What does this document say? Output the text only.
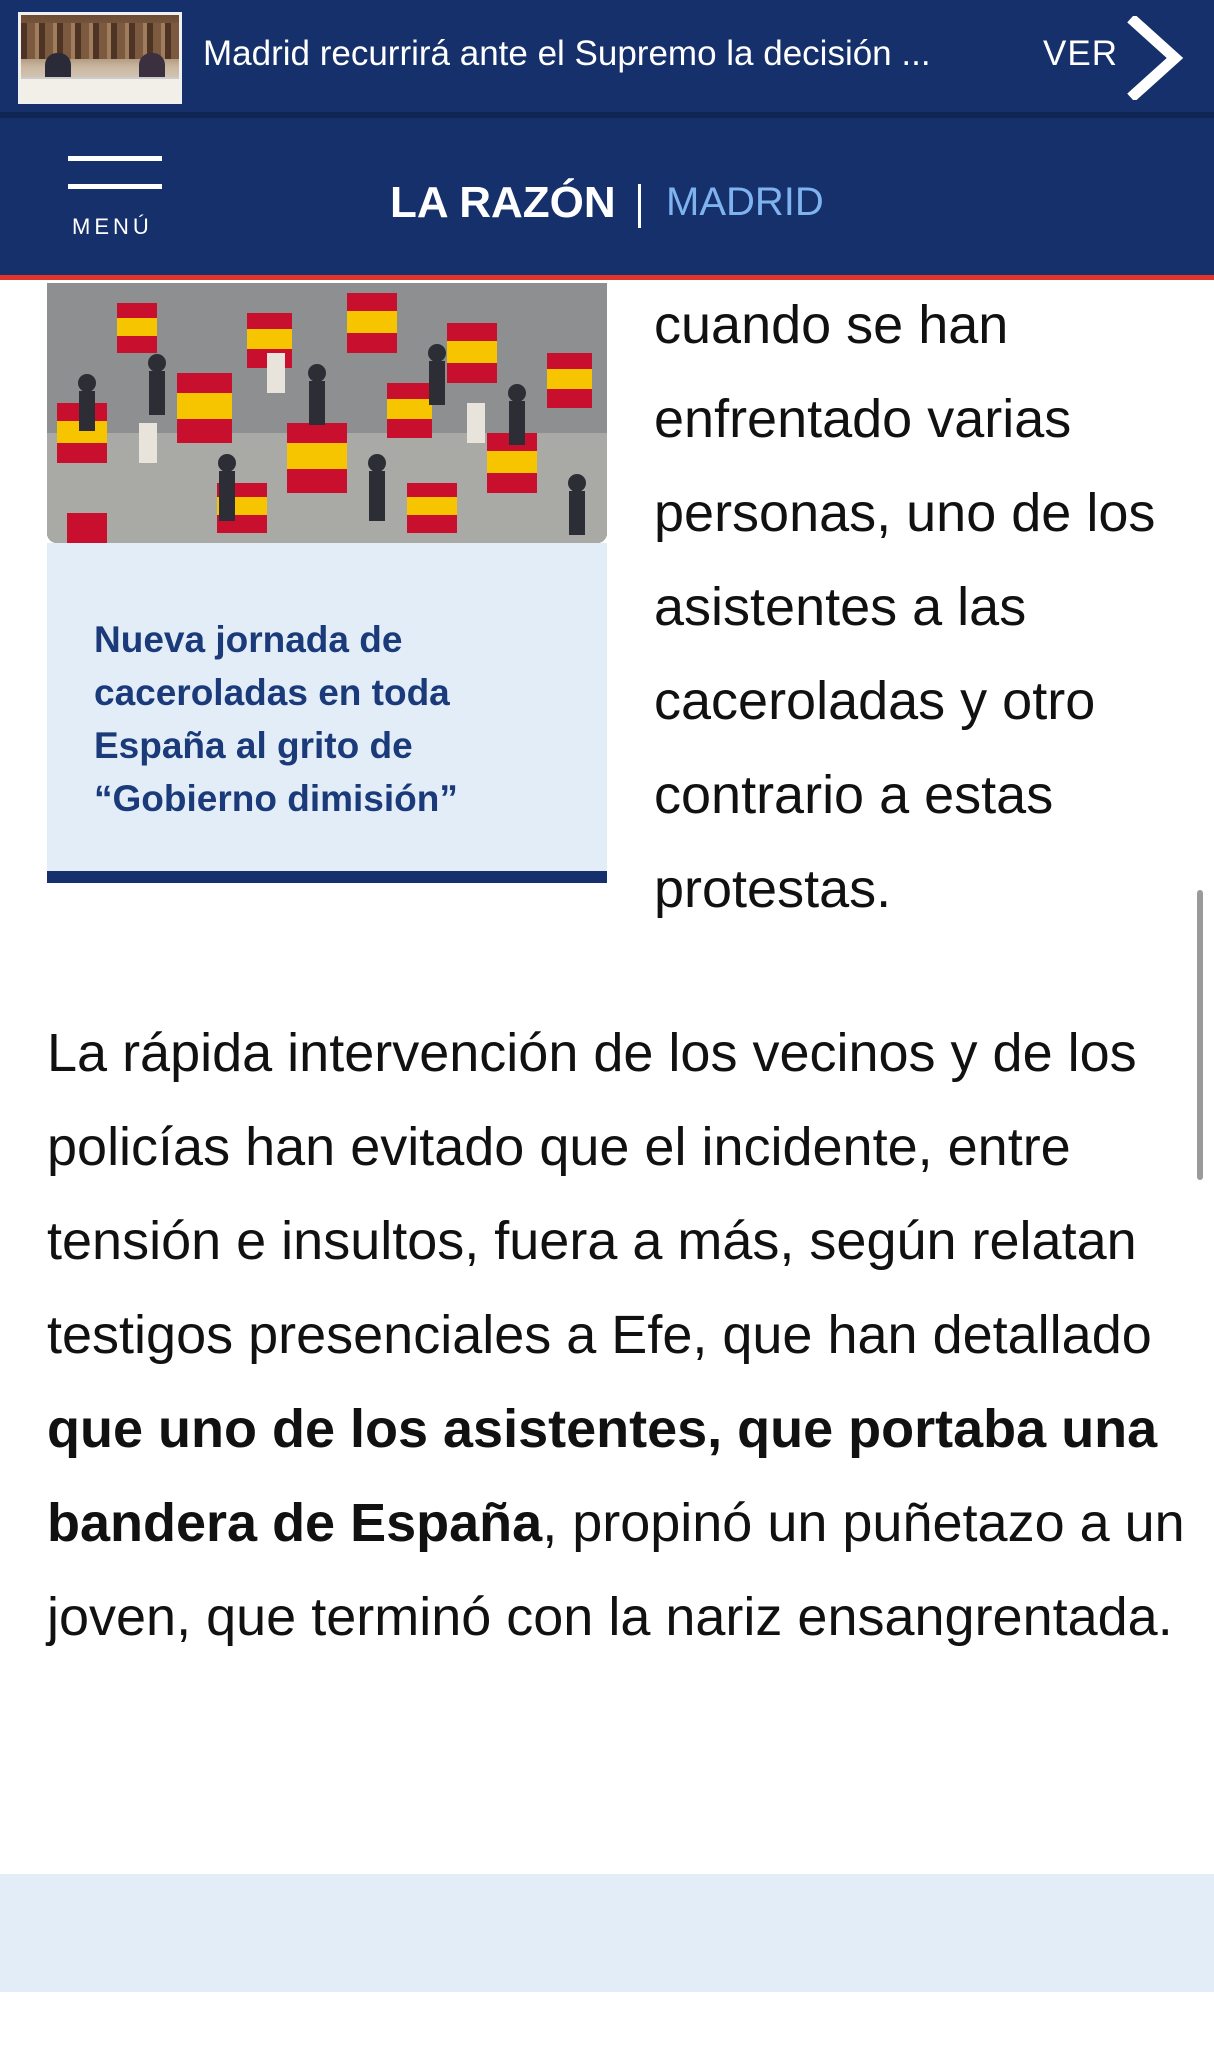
Madrid recurrirá ante el Supremo la decisión ...	VER
MENÚ	LA RAZÓN MADRID
Nueva jornada de caceroladas en toda España al grito de “Gobierno dimisión”

cuando se han enfrentado varias personas, uno de los asistentes a las caceroladas y otro contrario a estas protestas.

La rápida intervención de los vecinos y de los policías han evitado que el incidente, entre tensión e insultos, fuera a más, según relatan testigos presenciales a Efe, que han detallado que uno de los asistentes, que portaba una bandera de España, propinó un puñetazo a un joven, que terminó con la nariz ensangrentada.
